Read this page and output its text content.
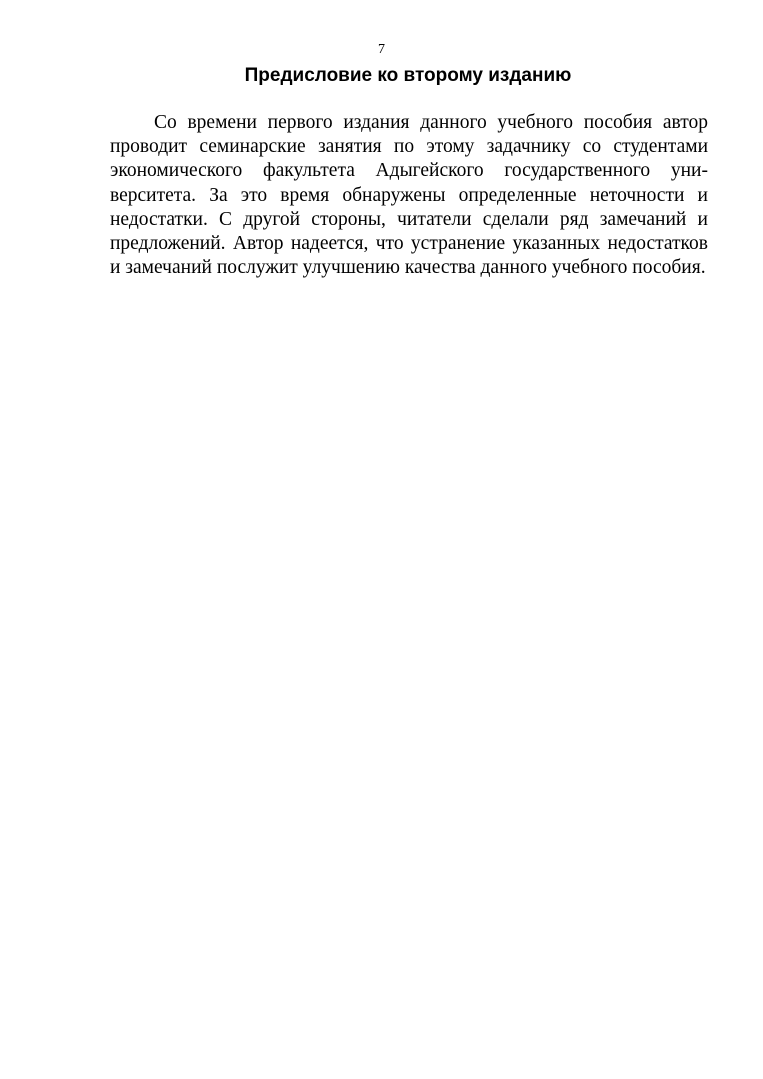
7
Предисловие ко второму изданию

Со времени первого издания данного учебного пособия автор проводит семинарские занятия по этому задачнику со студентами экономического факультета Адыгейского государственного университета. За это время обнаружены определенные неточности и недостатки. С другой стороны, читатели сделали ряд замечаний и предложений. Автор надеется, что устранение указанных недостатков и замечаний послужит улучшению качества данного учебного пособия.
